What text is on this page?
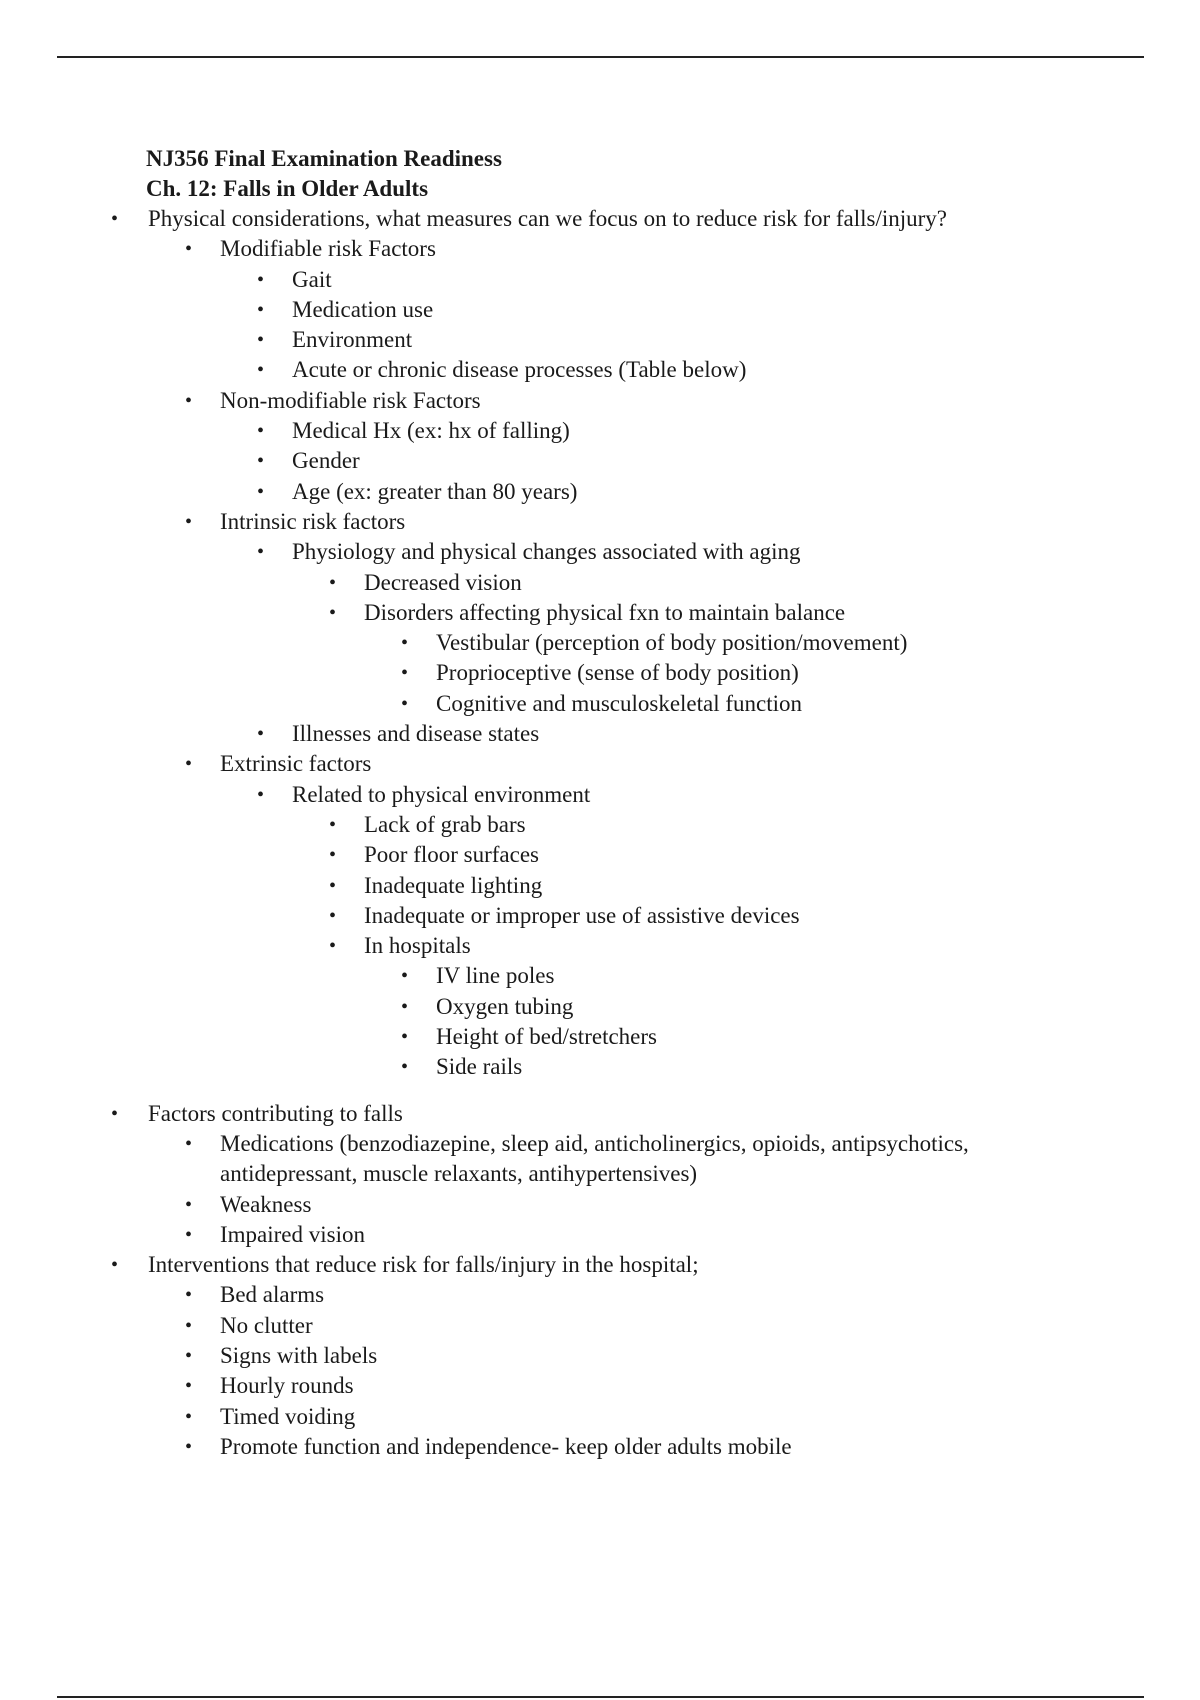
NJ356 Final Examination Readiness

Ch. 12: Falls in Older Adults

• Physical considerations, what measures can we focus on to reduce risk for falls/injury?
• Modifiable risk Factors
• Gait
• Medication use
• Environment
• Acute or chronic disease processes (Table below)
• Non-modifiable risk Factors
• Medical Hx (ex: hx of falling)
• Gender
• Age (ex: greater than 80 years)
• Intrinsic risk factors
• Physiology and physical changes associated with aging
• Decreased vision
• Disorders affecting physical fxn to maintain balance
• Vestibular (perception of body position/movement)
• Proprioceptive (sense of body position)
• Cognitive and musculoskeletal function
• Illnesses and disease states
• Extrinsic factors
• Related to physical environment
• Lack of grab bars
• Poor floor surfaces
• Inadequate lighting
• Inadequate or improper use of assistive devices
• In hospitals
• IV line poles
• Oxygen tubing
• Height of bed/stretchers
• Side rails
• Factors contributing to falls
• Medications (benzodiazepine, sleep aid, anticholinergics, opioids, antipsychotics, antidepressant, muscle relaxants, antihypertensives)
• Weakness
• Impaired vision
• Interventions that reduce risk for falls/injury in the hospital;
• Bed alarms
• No clutter
• Signs with labels
• Hourly rounds
• Timed voiding
• Promote function and independence- keep older adults mobile
